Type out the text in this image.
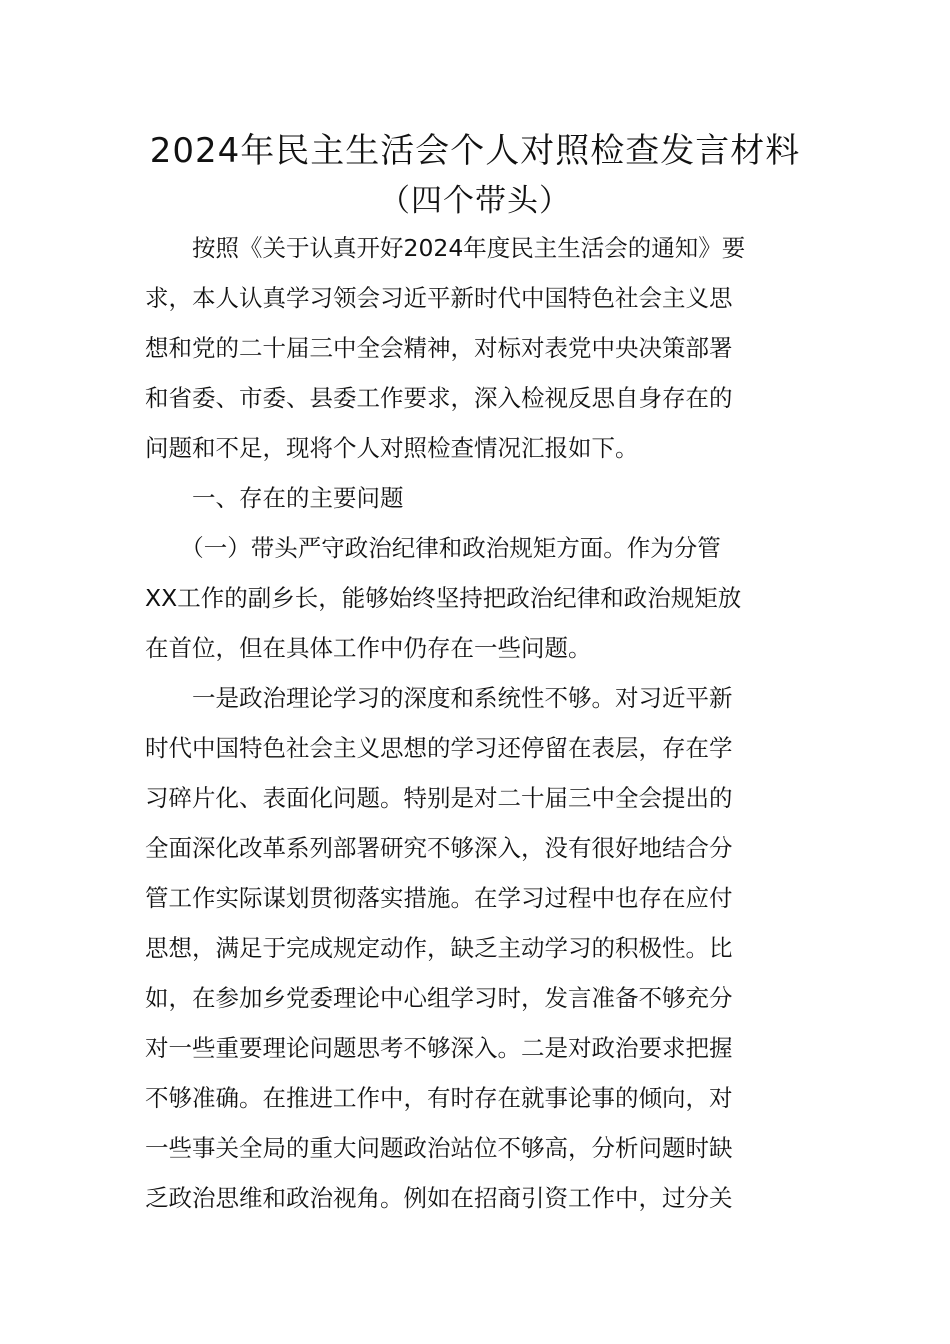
2024年民主生活会个人对照检查发言材料
（四个带头）
　　按照《关于认真开好2024年度民主生活会的通知》要
求，本人认真学习领会习近平新时代中国特色社会主义思
想和党的二十届三中全会精神，对标对表党中央决策部署
和省委、市委、县委工作要求，深入检视反思自身存在的
问题和不足，现将个人对照检查情况汇报如下。
　　一、存在的主要问题
　　（一）带头严守政治纪律和政治规矩方面。作为分管
XX工作的副乡长，能够始终坚持把政治纪律和政治规矩放
在首位，但在具体工作中仍存在一些问题。
　　一是政治理论学习的深度和系统性不够。对习近平新
时代中国特色社会主义思想的学习还停留在表层，存在学
习碎片化、表面化问题。特别是对二十届三中全会提出的
全面深化改革系列部署研究不够深入，没有很好地结合分
管工作实际谋划贯彻落实措施。在学习过程中也存在应付
思想，满足于完成规定动作，缺乏主动学习的积极性。比
如，在参加乡党委理论中心组学习时，发言准备不够充分
对一些重要理论问题思考不够深入。二是对政治要求把握
不够准确。在推进工作中，有时存在就事论事的倾向，对
一些事关全局的重大问题政治站位不够高，分析问题时缺
乏政治思维和政治视角。例如在招商引资工作中，过分关
